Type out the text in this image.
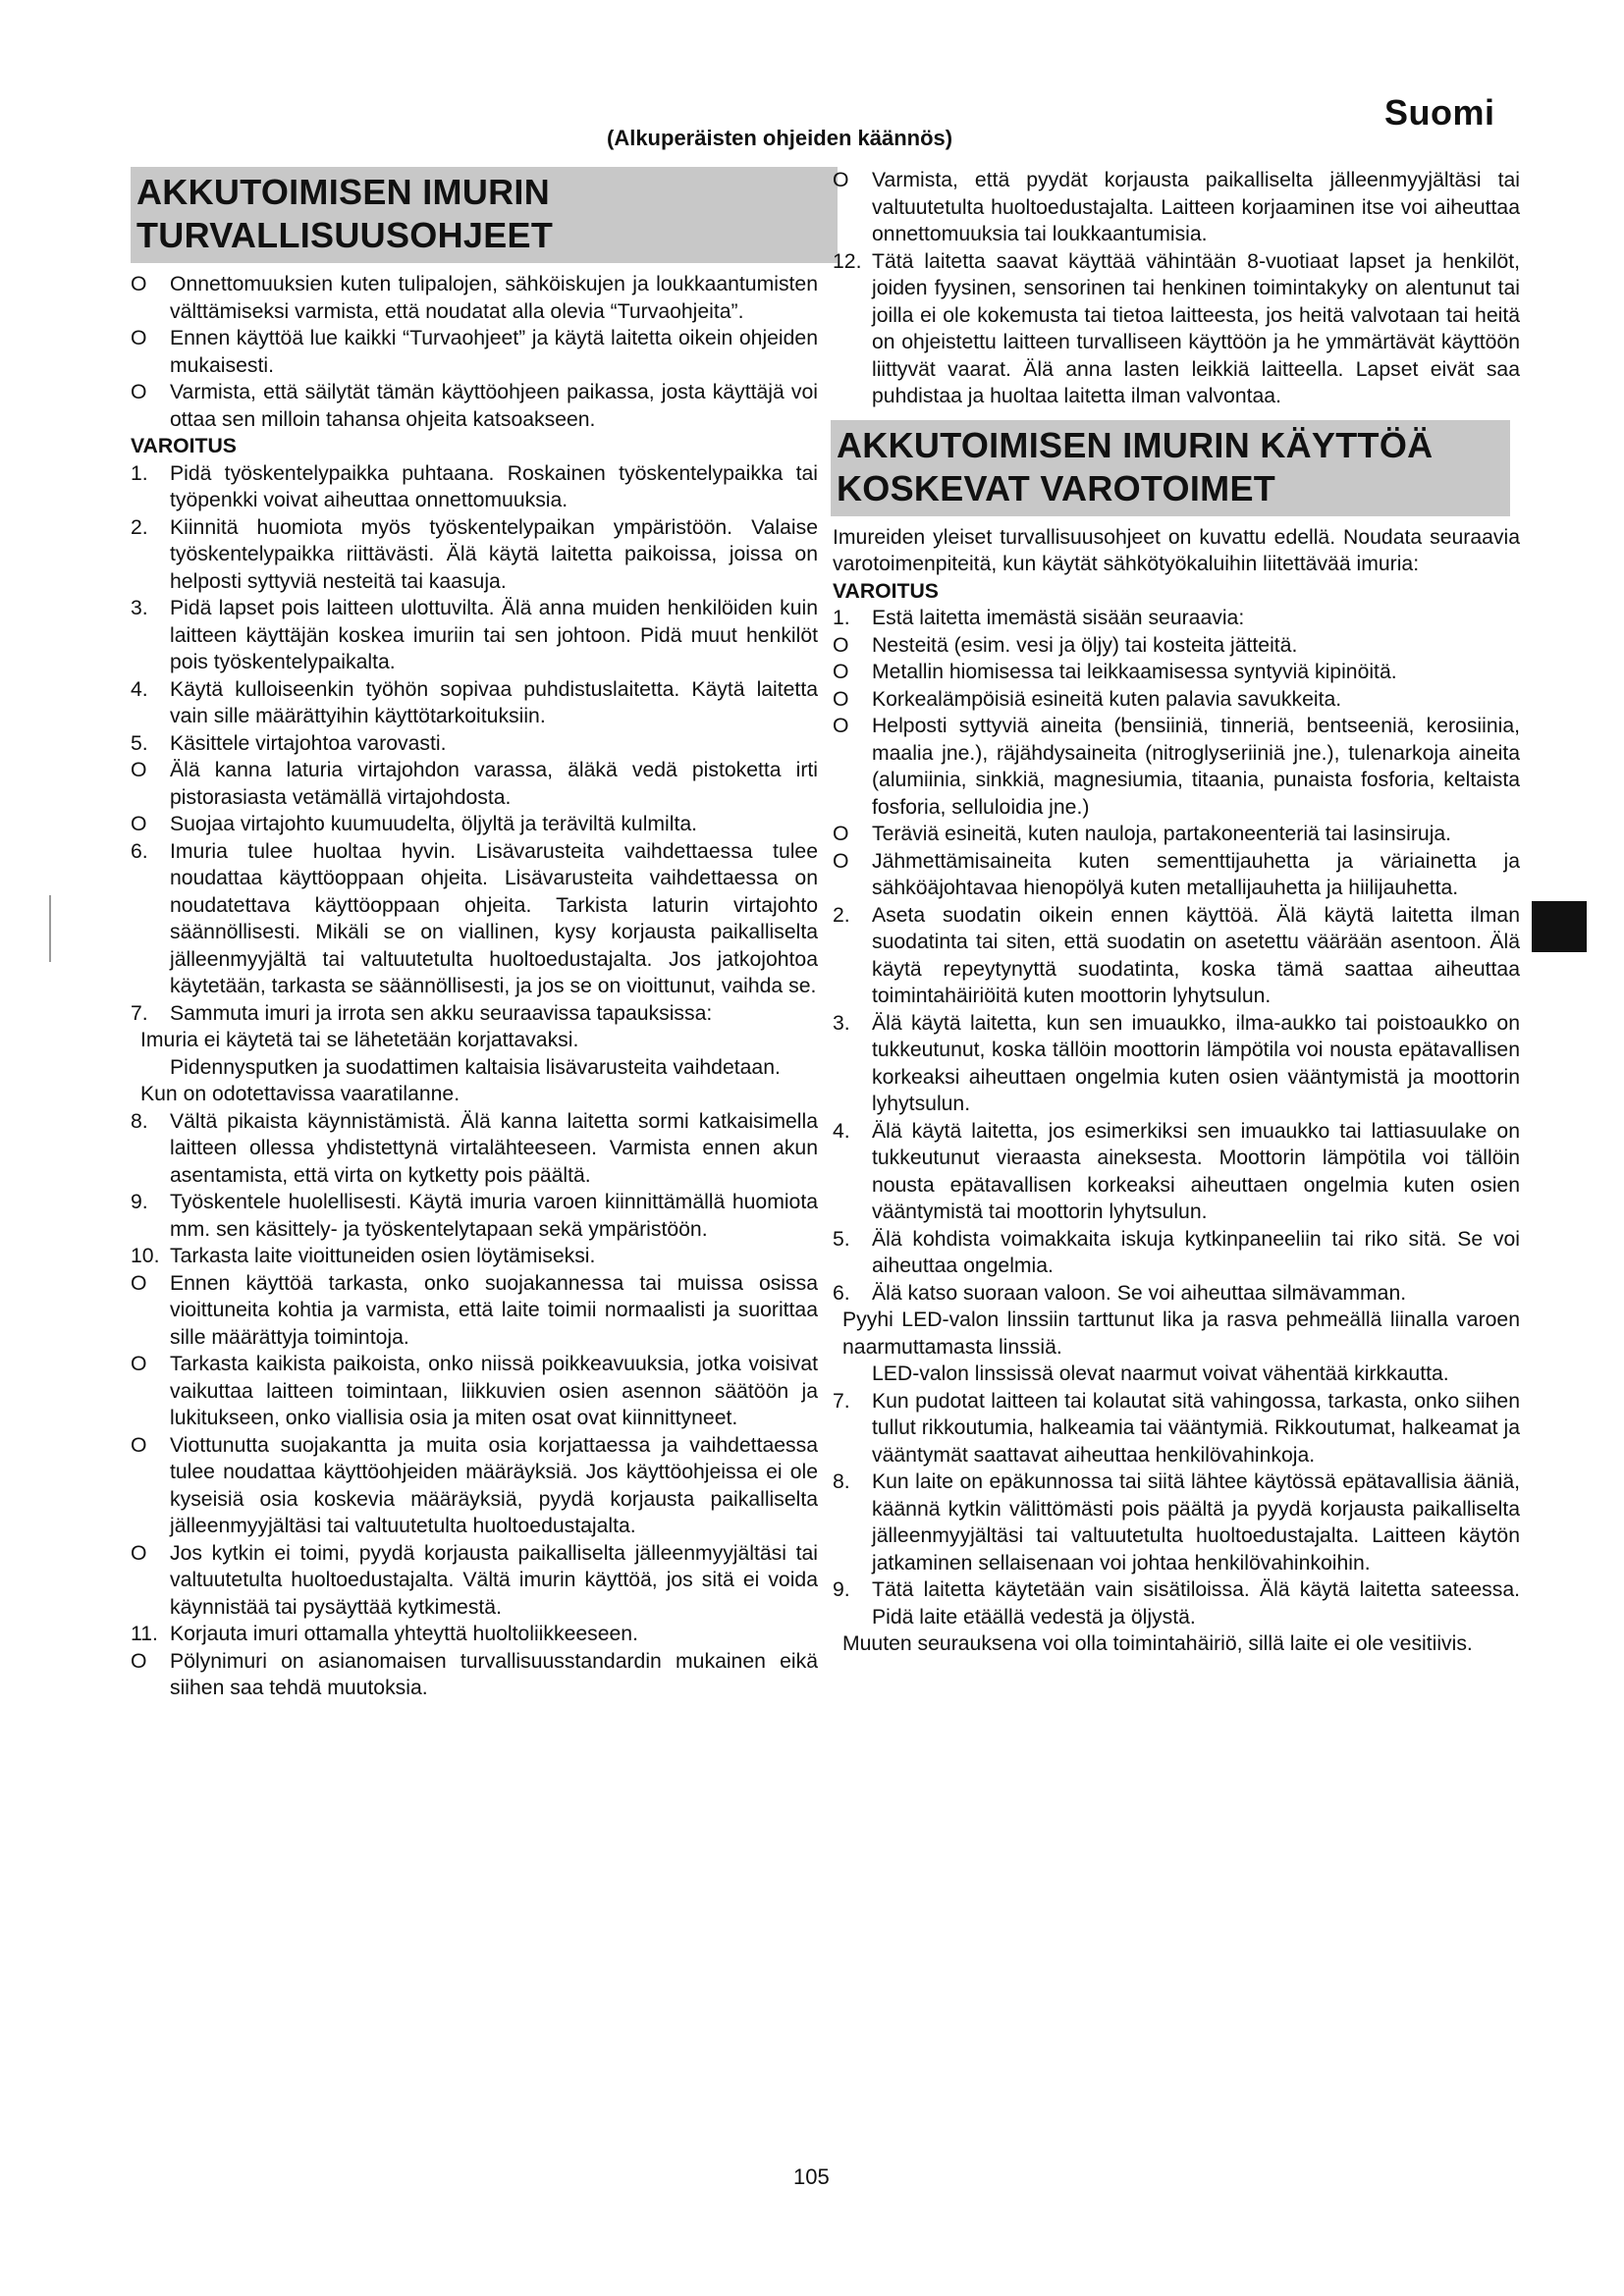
Suomi
(Alkuperäisten ohjeiden käännös)
AKKUTOIMISEN IMURIN TURVALLISUUSOHJEET
O	Onnettomuuksien kuten tulipalojen, sähköiskujen ja loukkaantumisten välttämiseksi varmista, että noudatat alla olevia “Turvaohjeita”.
O	Ennen käyttöä lue kaikki “Turvaohjeet” ja käytä laitetta oikein ohjeiden mukaisesti.
O	Varmista, että säilytät tämän käyttöohjeen paikassa, josta käyttäjä voi ottaa sen milloin tahansa ohjeita katsoakseen.
VAROITUS
1.	Pidä työskentelypaikka puhtaana. Roskainen työskentelypaikka tai työpenkki voivat aiheuttaa onnettomuuksia.
2.	Kiinnitä huomiota myös työskentelypaikan ympäristöön. Valaise työskentelypaikka riittävästi. Älä käytä laitetta paikoissa, joissa on helposti syttyviä nesteitä tai kaasuja.
3.	Pidä lapset pois laitteen ulottuvilta. Älä anna muiden henkilöiden kuin laitteen käyttäjän koskea imuriin tai sen johtoon. Pidä muut henkilöt pois työskentelypaikalta.
4.	Käytä kulloiseenkin työhön sopivaa puhdistuslaitetta. Käytä laitetta vain sille määrättyihin käyttötarkoituksiin.
5.	Käsittele virtajohtoa varovasti.
O	Älä kanna laturia virtajohdon varassa, äläkä vedä pistoketta irti pistorasiasta vetämällä virtajohdosta.
O	Suojaa virtajohto kuumuudelta, öljyltä ja teräviltä kulmilta.
6.	Imuria tulee huoltaa hyvin. Lisävarusteita vaihdettaessa tulee noudattaa käyttöoppaan ohjeita. Lisävarusteita vaihdettaessa on noudatettava käyttöoppaan ohjeita. Tarkista laturin virtajohto säännöllisesti. Mikäli se on viallinen, kysy korjausta paikalliselta jälleenmyyjältä tai valtuutetulta huoltoedustajalta. Jos jatkojohtoa käytetään, tarkasta se säännöllisesti, ja jos se on vioittunut, vaihda se.
7.	Sammuta imuri ja irrota sen akku seuraavissa tapauksissa:
Imuria ei käytetä tai se lähetetään korjattavaksi.
Pidennysputken ja suodattimen kaltaisia lisävarusteita vaihdetaan.
Kun on odotettavissa vaaratilanne.
8.	Vältä pikaista käynnistämistä. Älä kanna laitetta sormi katkaisimella laitteen ollessa yhdistettynä virtalähteeseen. Varmista ennen akun asentamista, että virta on kytketty pois päältä.
9.	Työskentele huolellisesti. Käytä imuria varoen kiinnittämällä huomiota mm. sen käsittely- ja työskentelytapaan sekä ympäristöön.
10. Tarkasta laite vioittuneiden osien löytämiseksi.
O	Ennen käyttöä tarkasta, onko suojakannessa tai muissa osissa vioittuneita kohtia ja varmista, että laite toimii normaalisti ja suorittaa sille määrättyja toimintoja.
O	Tarkasta kaikista paikoista, onko niissä poikkeavuuksia, jotka voisivat vaikuttaa laitteen toimintaan, liikkuvien osien asennon säätöön ja lukitukseen, onko viallisia osia ja miten osat ovat kiinnittyneet.
O	Viottunutta suojakantta ja muita osia korjattaessa ja vaihdettaessa tulee noudattaa käyttöohjeiden määräyksiä. Jos käyttöohjeissa ei ole kyseisiä osia koskevia määräyksiä, pyydä korjausta paikalliselta jälleenmyyjältäsi tai valtuutetulta huoltoedustajalta.
O	Jos kytkin ei toimi, pyydä korjausta paikalliselta jälleenmyyjältäsi tai valtuutetulta huoltoedustajalta. Vältä imurin käyttöä, jos sitä ei voida käynnistää tai pysäyttää kytkimestä.
11. Korjauta imuri ottamalla yhteyttä huoltoliikkeeseen.
O	Pölynimuri on asianomaisen turvallisuusstandardin mukainen eikä siihen saa tehdä muutoksia.
O	Varmista, että pyydät korjausta paikalliselta jälleenmyyjältäsi tai valtuutetulta huoltoedustajalta. Laitteen korjaaminen itse voi aiheuttaa onnettomuuksia tai loukkaantumisia.
12. Tätä laitetta saavat käyttää vähintään 8-vuotiaat lapset ja henkilöt, joiden fyysinen, sensorinen tai henkinen toimintakyky on alentunut tai joilla ei ole kokemusta tai tietoa laitteesta, jos heitä valvotaan tai heitä on ohjeistettu laitteen turvalliseen käyttöön ja he ymmärtävät käyttöön liittyvät vaarat. Älä anna lasten leikkiä laitteella. Lapset eivät saa puhdistaa ja huoltaa laitetta ilman valvontaa.
AKKUTOIMISEN IMURIN KÄYTTÖÄ KOSKEVAT VAROTOIMET
Imureiden yleiset turvallisuusohjeet on kuvattu edellä. Noudata seuraavia varotoimenpiteitä, kun käytät sähkötyökaluihin liitettävää imuria:
VAROITUS
1.	Estä laitetta imemästä sisään seuraavia:
O	Nesteitä (esim. vesi ja öljy) tai kosteita jätteitä.
O	Metallin hiomisessa tai leikkaamisessa syntyviä kipinöitä.
O	Korkealämpöisiä esineitä kuten palavia savukkeita.
O	Helposti syttyviä aineita (bensiiniä, tinneriä, bentseeniä, kerosiinia, maalia jne.), räjähdysaineita (nitroglyseriiniä jne.), tulenarkoja aineita (alumiinia, sinkkiä, magnesiumia, titaania, punaista fosforia, keltaista fosforia, selluloidia jne.)
O	Teräviä esineitä, kuten nauloja, partakoneenteriä tai lasinsiruja.
O	Jähmettämisaineita kuten sementtijauhetta ja väriainetta ja sähköäjohtavaa hienopölyä kuten metallijauhetta ja hiilijauhetta.
2.	Aseta suodatin oikein ennen käyttöä. Älä käytä laitetta ilman suodatinta tai siten, että suodatin on asetettu väärään asentoon. Älä käytä repeytynyttä suodatinta, koska tämä saattaa aiheuttaa toimintahäiriöitä kuten moottorin lyhytsulun.
3.	Älä käytä laitetta, kun sen imuaukko, ilma-aukko tai poistoaukko on tukkeutunut, koska tällöin moottorin lämpötila voi nousta epätavallisen korkeaksi aiheuttaen ongelmia kuten osien vääntymistä ja moottorin lyhytsulun.
4.	Älä käytä laitetta, jos esimerkiksi sen imuaukko tai lattiasuulake on tukkeutunut vieraasta aineksesta. Moottorin lämpötila voi tällöin nousta epätavallisen korkeaksi aiheuttaen ongelmia kuten osien vääntymistä tai moottorin lyhytsulun.
5.	Älä kohdista voimakkaita iskuja kytkinpaneeliin tai riko sitä. Se voi aiheuttaa ongelmia.
6.	Älä katso suoraan valoon. Se voi aiheuttaa silmävamman.
Pyyhi LED-valon linssiin tarttunut lika ja rasva pehmeällä liinalla varoen naarmuttamasta linssiä.
LED-valon linssissä olevat naarmut voivat vähentää kirkkautta.
7.	Kun pudotat laitteen tai kolautat sitä vahingossa, tarkasta, onko siihen tullut rikkoutumia, halkeamia tai vääntymiä. Rikkoutumat, halkeamat ja vääntymät saattavat aiheuttaa henkilövahinkoja.
8.	Kun laite on epäkunnossa tai siitä lähtee käytössä epätavallisia ääniä, käännä kytkin välittömästi pois päältä ja pyydä korjausta paikalliselta jälleenmyyjältäsi tai valtuutetulta huoltoedustajalta. Laitteen käytön jatkaminen sellaisenaan voi johtaa henkilövahinkoihin.
9.	Tätä laitetta käytetään vain sisätiloissa. Älä käytä laitetta sateessa. Pidä laite etäällä vedestä ja öljystä.
Muuten seurauksena voi olla toimintahäiriö, sillä laite ei ole vesitiivis.
105
